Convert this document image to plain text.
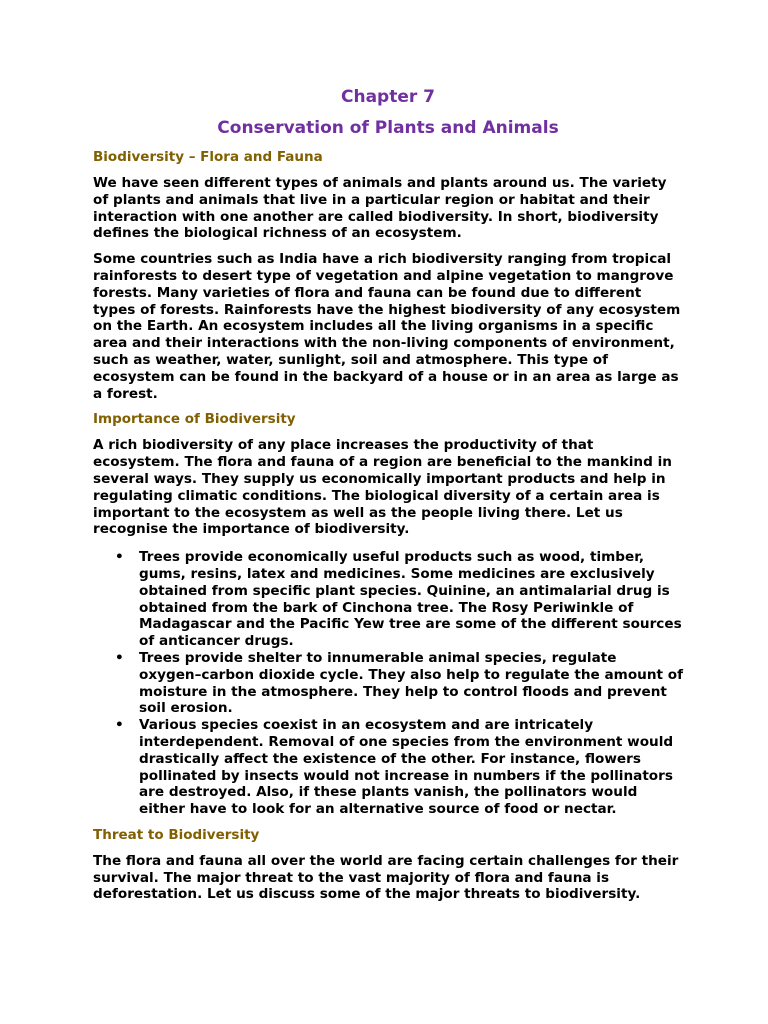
Chapter 7
Conservation of Plants and Animals
Biodiversity – Flora and Fauna

We have seen different types of animals and plants around us. The variety of plants and animals that live in a particular region or habitat and their interaction with one another are called biodiversity. In short, biodiversity defines the biological richness of an ecosystem.

Some countries such as India have a rich biodiversity ranging from tropical rainforests to desert type of vegetation and alpine vegetation to mangrove forests. Many varieties of flora and fauna can be found due to different types of forests. Rainforests have the highest biodiversity of any ecosystem on the Earth. An ecosystem includes all the living organisms in a specific area and their interactions with the non-living components of environment, such as weather, water, sunlight, soil and atmosphere. This type of ecosystem can be found in the backyard of a house or in an area as large as a forest.

Importance of Biodiversity

A rich biodiversity of any place increases the productivity of that ecosystem. The flora and fauna of a region are beneficial to the mankind in several ways. They supply us economically important products and help in regulating climatic conditions. The biological diversity of a certain area is important to the ecosystem as well as the people living there. Let us recognise the importance of biodiversity.

• Trees provide economically useful products such as wood, timber, gums, resins, latex and medicines. Some medicines are exclusively obtained from specific plant species. Quinine, an antimalarial drug is obtained from the bark of Cinchona tree. The Rosy Periwinkle of Madagascar and the Pacific Yew tree are some of the different sources of anticancer drugs.
• Trees provide shelter to innumerable animal species, regulate oxygen–carbon dioxide cycle. They also help to regulate the amount of moisture in the atmosphere. They help to control floods and prevent soil erosion.
• Various species coexist in an ecosystem and are intricately interdependent. Removal of one species from the environment would drastically affect the existence of the other. For instance, flowers pollinated by insects would not increase in numbers if the pollinators are destroyed. Also, if these plants vanish, the pollinators would either have to look for an alternative source of food or nectar.
Threat to Biodiversity

The flora and fauna all over the world are facing certain challenges for their survival. The major threat to the vast majority of flora and fauna is deforestation. Let us discuss some of the major threats to biodiversity.
